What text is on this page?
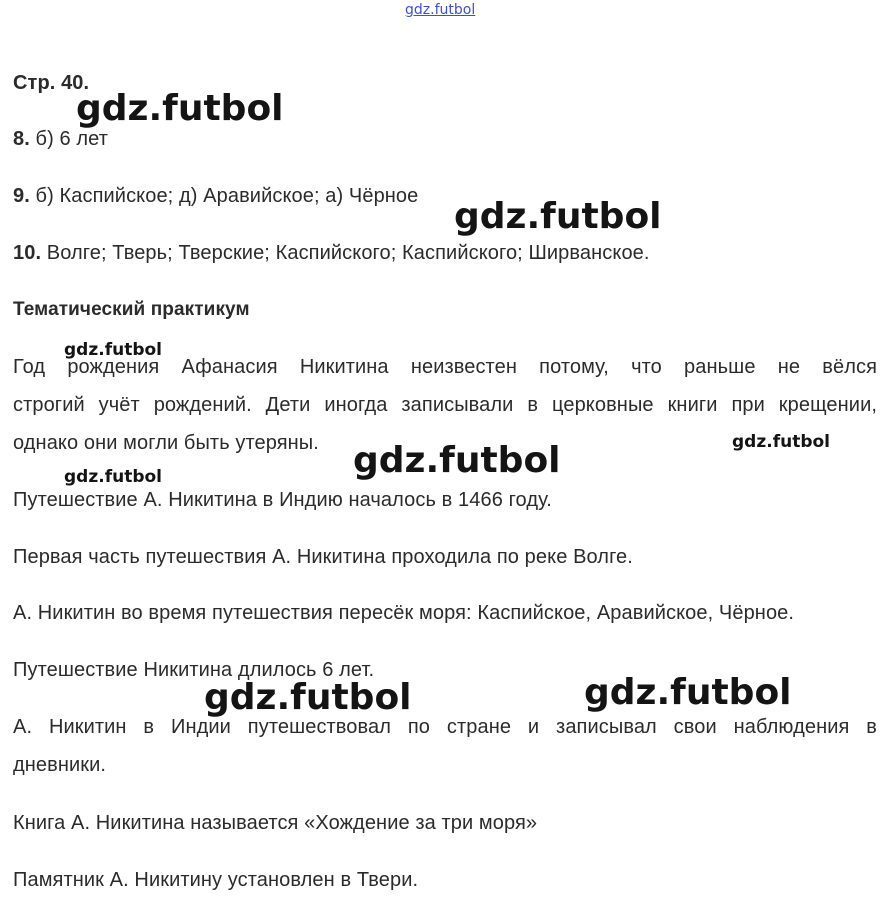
gdz.futbol
Стр. 40.
8. б) 6 лет
9. б) Каспийское; д) Аравийское; а) Чёрное
10. Волге; Тверь; Тверские; Каспийского; Каспийского; Ширванское.
Тематический практикум
Год рождения Афанасия Никитина неизвестен потому, что раньше не вёлся
строгий учёт рождений. Дети иногда записывали в церковные книги при крещении,
однако они могли быть утеряны.
Путешествие А. Никитина в Индию началось в 1466 году.
Первая часть путешествия А. Никитина проходила по реке Волге.
А. Никитин во время путешествия пересёк моря: Каспийское, Аравийское, Чёрное.
Путешествие Никитина длилось 6 лет.
А. Никитин в Индии путешествовал по стране и записывал свои наблюдения в
дневники.
Книга А. Никитина называется «Хождение за три моря»
Памятник А. Никитину установлен в Твери.
gdz.futbol
gdz.futbol
gdz.futbol
gdz.futbol
gdz.futbol
gdz.futbol
gdz.futbol	gdz.futbol
